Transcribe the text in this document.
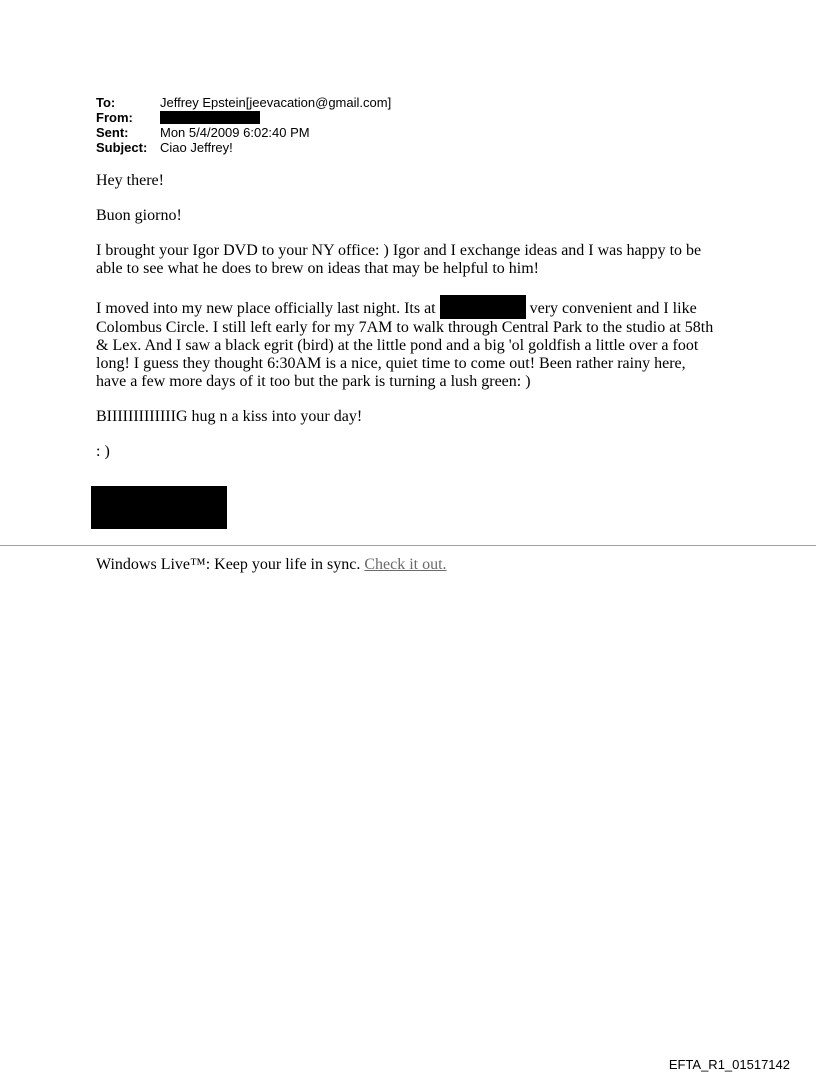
To:	Jeffrey Epstein[jeevacation@gmail.com]
From:
Sent:	Mon 5/4/2009 6:02:40 PM
Subject: Ciao Jeffrey!

Hey there!

Buon giorno!

I brought your Igor DVD to your NY office: ) Igor and I exchange ideas and I was happy to be
able to see what he does to brew on ideas that may be helpful to him!

I moved into my new place officially last night. Its at	very convenient and I like
Colombus Circle. I still left early for my 7AM to walk through Central Park to the studio at 58th
& Lex. And I saw a black egrit (bird) at the little pond and a big 'ol goldfish a little over a foot
long! I guess they thought 6:30AM is a nice, quiet time to come out! Been rather rainy here,
have a few more days of it too but the park is turning a lush green: )

BIIIIIIIIIIIIIG hug n a kiss into your day!

: )

Windows Live™: Keep your life in sync. Check it out.
EFTA_R1_01517142
